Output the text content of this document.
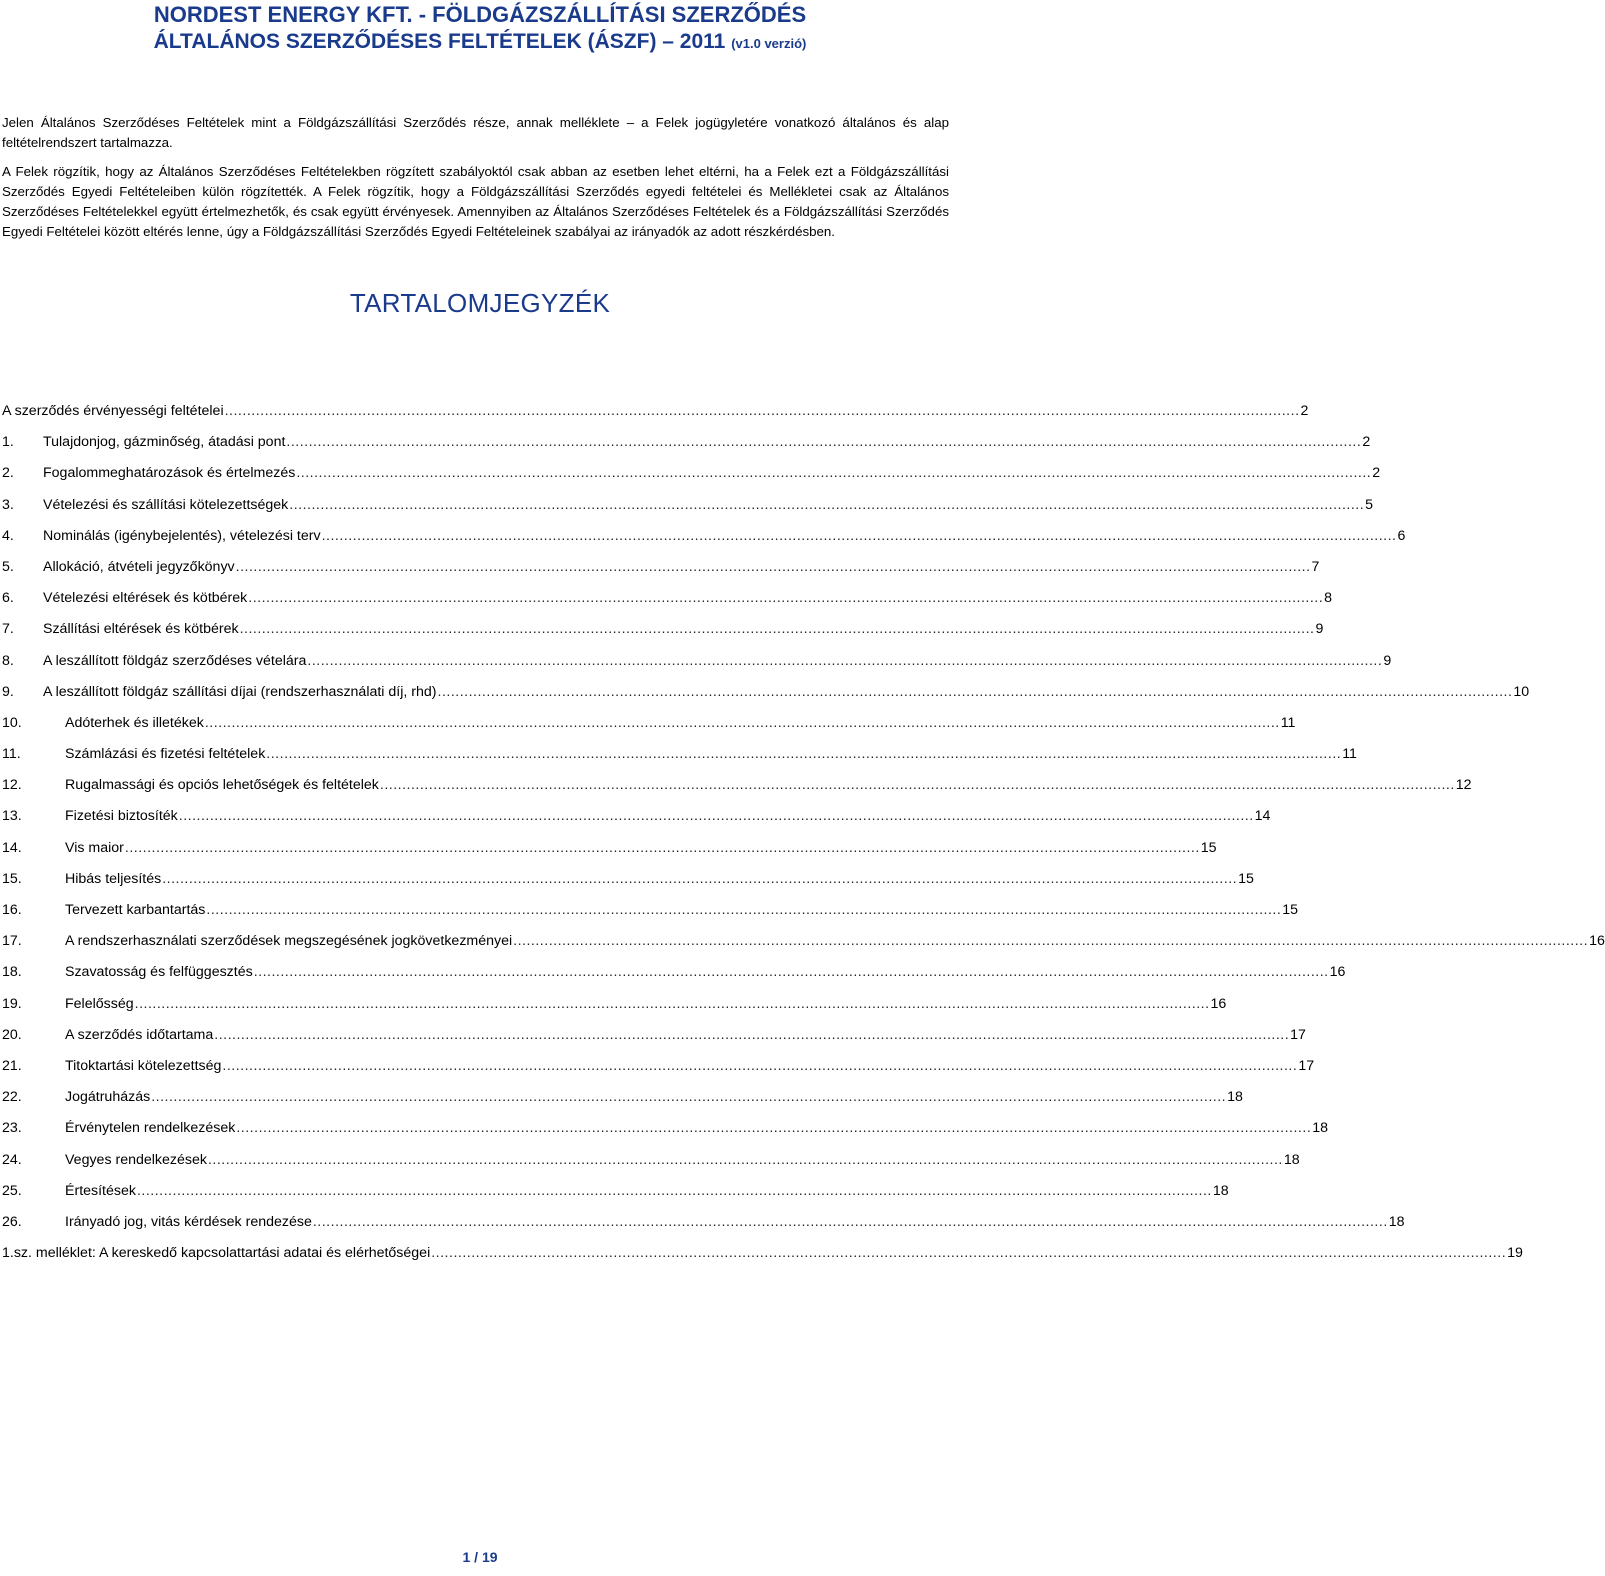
NORDEST ENERGY KFT. - FÖLDGÁZSZÁLLÍTÁSI SZERZŐDÉS
ÁLTALÁNOS SZERZŐDÉSES FELTÉTELEK (ÁSZF) – 2011 (v1.0 verzió)

Jelen Általános Szerződéses Feltételek mint a Földgázszállítási Szerződés része, annak melléklete – a Felek jogügyletére vonatkozó általános és alap feltételrendszert tartalmazza.

A Felek rögzítik, hogy az Általános Szerződéses Feltételekben rögzített szabályoktól csak abban az esetben lehet eltérni, ha a Felek ezt a Földgázszállítási Szerződés Egyedi Feltételeiben külön rögzítették. A Felek rögzítik, hogy a Földgázszállítási Szerződés egyedi feltételei és Mellékletei csak az Általános Szerződéses Feltételekkel együtt értelmezhetők, és csak együtt érvényesek. Amennyiben az Általános Szerződéses Feltételek és a Földgázszállítási Szerződés Egyedi Feltételei között eltérés lenne, úgy a Földgázszállítási Szerződés Egyedi Feltételeinek szabályai az irányadók az adott részkérdésben.

TARTALOMJEGYZÉK
A szerződés érvényességi feltételei .................................................................................................................................................................................................................................................. 2
1.	Tulajdonjog, gázminőség, átadási pont .................................................................................................................................................................................................................................................. 2
2.	Fogalommeghatározások és értelmezés .................................................................................................................................................................................................................................................. 2
3.	Vételezési és szállítási kötelezettségek .................................................................................................................................................................................................................................................. 5
4.	Nominálás (igénybejelentés), vételezési terv .................................................................................................................................................................................................................................................. 6
5.	Allokáció, átvételi jegyzőkönyv .................................................................................................................................................................................................................................................. 7
6.	Vételezési eltérések és kötbérek .................................................................................................................................................................................................................................................. 8
7.	Szállítási eltérések és kötbérek .................................................................................................................................................................................................................................................. 9
8.	A leszállított földgáz szerződéses vételára .................................................................................................................................................................................................................................................. 9
9.	A leszállított földgáz szállítási díjai (rendszerhasználati díj, rhd) .................................................................................................................................................................................................................................................. 10
10.	Adóterhek és illetékek .................................................................................................................................................................................................................................................. 11
11.	Számlázási és fizetési feltételek .................................................................................................................................................................................................................................................. 11
12.	Rugalmassági és opciós lehetőségek és feltételek .................................................................................................................................................................................................................................................. 12
13.	Fizetési biztosíték .................................................................................................................................................................................................................................................. 14
14.	Vis maior .................................................................................................................................................................................................................................................. 15
15.	Hibás teljesítés .................................................................................................................................................................................................................................................. 15
16.	Tervezett karbantartás .................................................................................................................................................................................................................................................. 15
17.	A rendszerhasználati szerződések megszegésének jogkövetkezményei .................................................................................................................................................................................................................................................. 16
18.	Szavatosság és felfüggesztés .................................................................................................................................................................................................................................................. 16
19.	Felelősség .................................................................................................................................................................................................................................................. 16
20.	A szerződés időtartama .................................................................................................................................................................................................................................................. 17
21.	Titoktartási kötelezettség .................................................................................................................................................................................................................................................. 17
22.	Jogátruházás .................................................................................................................................................................................................................................................. 18
23.	Érvénytelen rendelkezések .................................................................................................................................................................................................................................................. 18
24.	Vegyes rendelkezések .................................................................................................................................................................................................................................................. 18
25.	Értesítések .................................................................................................................................................................................................................................................. 18
26.	Irányadó jog, vitás kérdések rendezése .................................................................................................................................................................................................................................................. 18
1.sz. melléklet: A kereskedő kapcsolattartási adatai és elérhetőségei .................................................................................................................................................................................................................................................. 19
1 / 19
